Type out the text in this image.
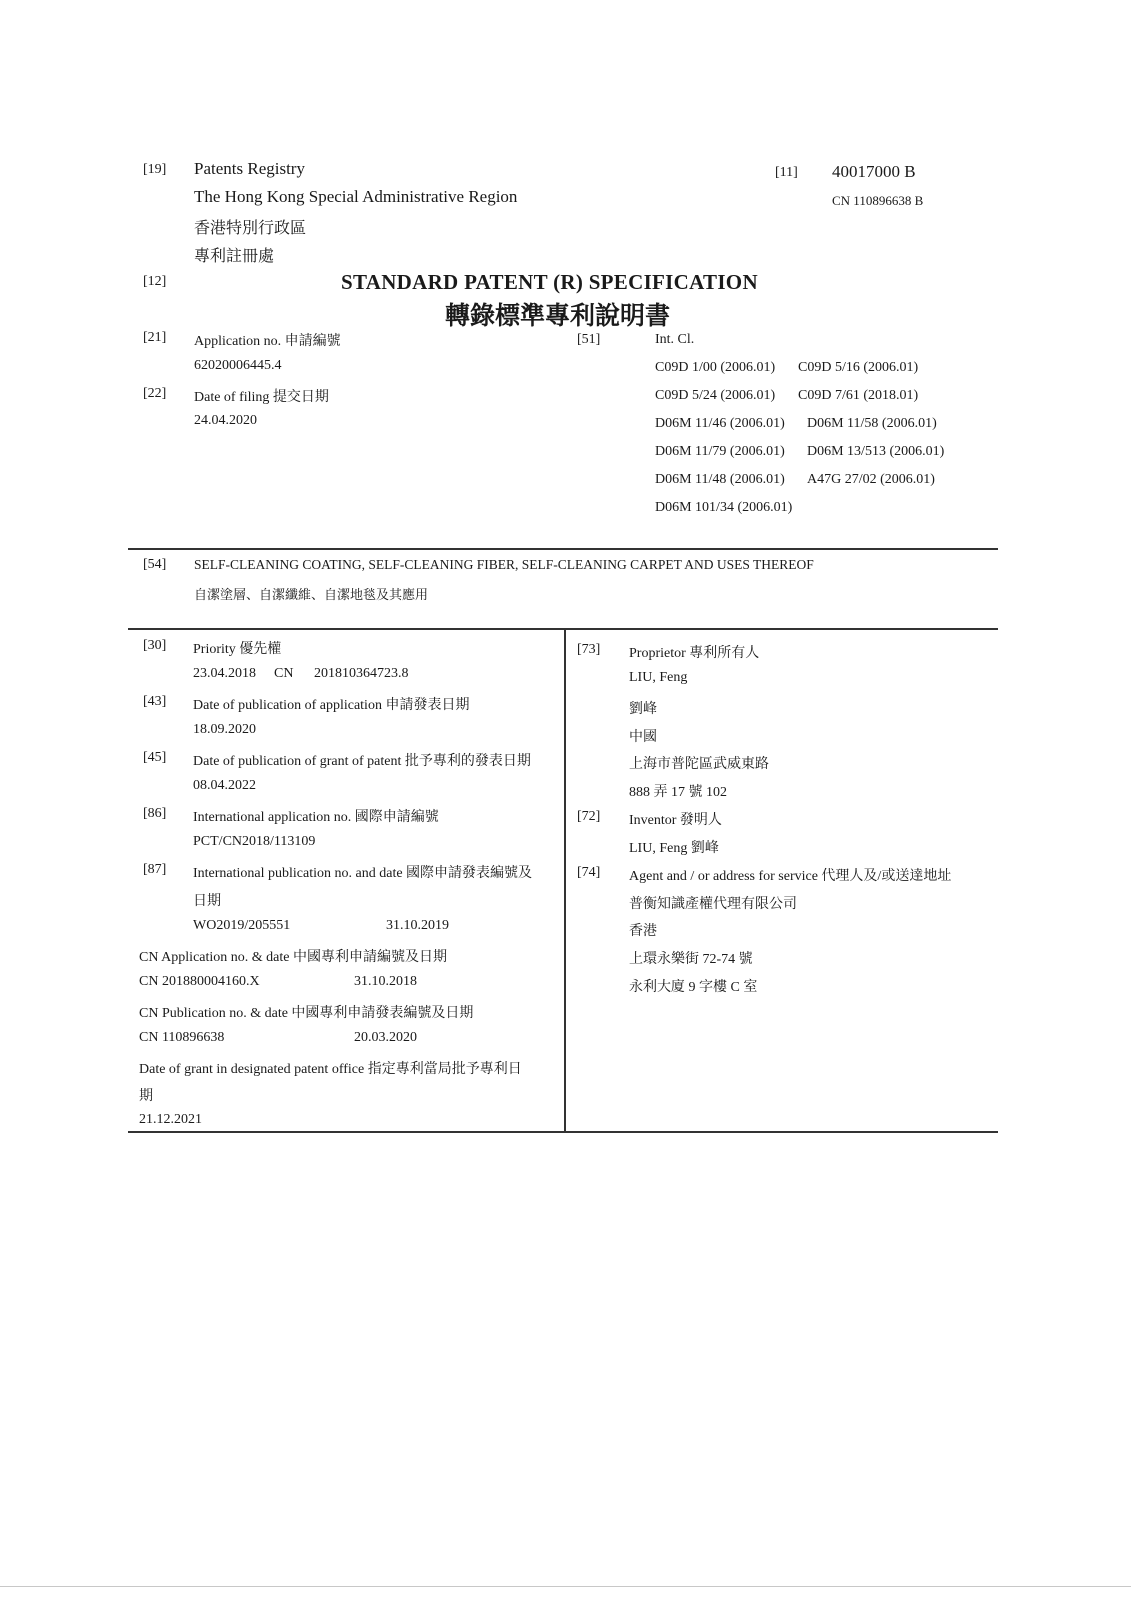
[19] Patents Registry
The Hong Kong Special Administrative Region
香港特別行政區
專利註冊處
[11] 40017000 B
CN 110896638 B
[12]	STANDARD PATENT (R) SPECIFICATION
轉錄標準專利說明書
[21] Application no. 申請編號
62020006445.4
[22] Date of filing 提交日期
24.04.2020
[51]	Int. Cl.
C09D 1/00 (2006.01) C09D 5/16 (2006.01)
C09D 5/24 (2006.01) C09D 7/61 (2018.01)
D06M 11/46 (2006.01) D06M 11/58 (2006.01)
D06M 11/79 (2006.01) D06M 13/513 (2006.01)
D06M 11/48 (2006.01) A47G 27/02 (2006.01)
D06M 101/34 (2006.01)
[54] SELF-CLEANING COATING, SELF-CLEANING FIBER, SELF-CLEANING CARPET AND USES THEREOF
自潔塗層、自潔纖維、自潔地毯及其應用
[30] Priority 優先權
23.04.2018 CN 201810364723.8
[43] Date of publication of application 申請發表日期
18.09.2020
[45] Date of publication of grant of patent 批予專利的發表日期
08.04.2022
[86] International application no. 國際申請編號
PCT/CN2018/113109
[87] International publication no. and date 國際申請發表編號及
日期
WO2019/205551	31.10.2019
CN Application no. & date 中國專利申請編號及日期
CN 201880004160.X	31.10.2018
CN Publication no. & date 中國專利申請發表編號及日期
CN 110896638	20.03.2020
Date of grant in designated patent office 指定專利當局批予專利日
期
21.12.2021
[73] Proprietor 專利所有人
LIU, Feng
劉峰
中國
上海市普陀區武威東路
888 弄 17 號 102
[72] Inventor 發明人
LIU, Feng 劉峰
[74] Agent and / or address for service 代理人及/或送達地址
普衡知識產權代理有限公司
香港
上環永樂街 72-74 號
永利大廈 9 字樓 C 室
